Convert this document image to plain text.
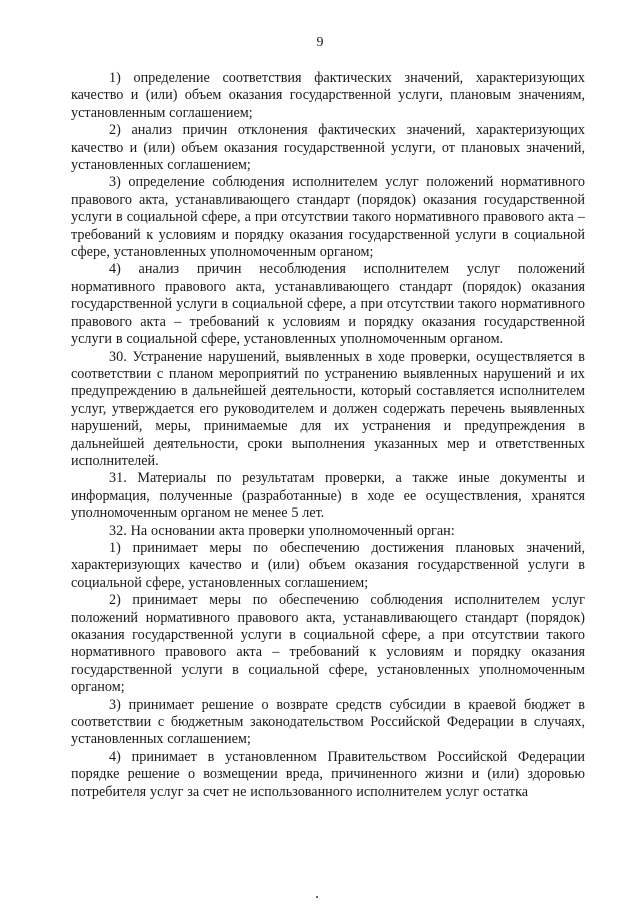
9

1) определение соответствия фактических значений, характеризующих качество и (или) объем оказания государственной услуги, плановым значениям, установленным соглашением;

2) анализ причин отклонения фактических значений, характеризующих качество и (или) объем оказания государственной услуги, от плановых значений, установленных соглашением;

3) определение соблюдения исполнителем услуг положений нормативного правового акта, устанавливающего стандарт (порядок) оказания государственной услуги в социальной сфере, а при отсутствии такого нормативного правового акта – требований к условиям и порядку оказания государственной услуги в социальной сфере, установленных уполномоченным органом;

4) анализ причин несоблюдения исполнителем услуг положений нормативного правового акта, устанавливающего стандарт (порядок) оказания государственной услуги в социальной сфере, а при отсутствии такого нормативного правового акта – требований к условиям и порядку оказания государственной услуги в социальной сфере, установленных уполномоченным органом.

30. Устранение нарушений, выявленных в ходе проверки, осуществляется в соответствии с планом мероприятий по устранению выявленных нарушений и их предупреждению в дальнейшей деятельности, который составляется исполнителем услуг, утверждается его руководителем и должен содержать перечень выявленных нарушений, меры, принимаемые для их устранения и предупреждения в дальнейшей деятельности, сроки выполнения указанных мер и ответственных исполнителей.

31. Материалы по результатам проверки, а также иные документы и информация, полученные (разработанные) в ходе ее осуществления, хранятся уполномоченным органом не менее 5 лет.

32. На основании акта проверки уполномоченный орган:

1) принимает меры по обеспечению достижения плановых значений, характеризующих качество и (или) объем оказания государственной услуги в социальной сфере, установленных соглашением;

2) принимает меры по обеспечению соблюдения исполнителем услуг положений нормативного правового акта, устанавливающего стандарт (порядок) оказания государственной услуги в социальной сфере, а при отсутствии такого нормативного правового акта – требований к условиям и порядку оказания государственной услуги в социальной сфере, установленных уполномоченным органом;

3) принимает решение о возврате средств субсидии в краевой бюджет в соответствии с бюджетным законодательством Российской Федерации в случаях, установленных соглашением;

4) принимает в установленном Правительством Российской Федерации порядке решение о возмещении вреда, причиненного жизни и (или) здоровью потребителя услуг за счет не использованного исполнителем услуг остатка
